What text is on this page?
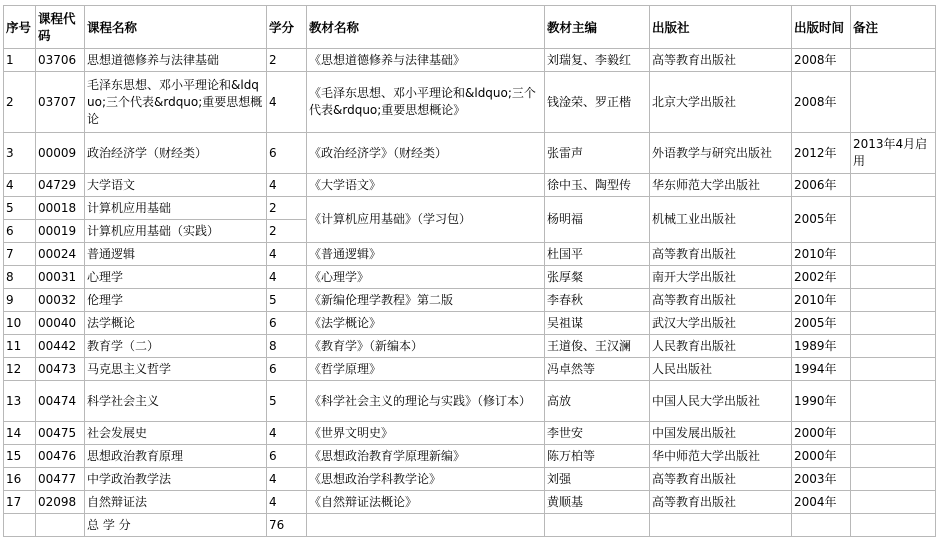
序号	课程代码	课程名称	学分	教材名称	教材主编	出版社	出版时间	备注
1	03706	思想道德修养与法律基础	2	《思想道德修养与法律基础》	刘瑞复、李毅红	高等教育出版社	2008年	
2	03707	毛泽东思想、邓小平理论和&ldquo;三个代表&rdquo;重要思想概论	4	《毛泽东思想、邓小平理论和&ldquo;三个代表&rdquo;重要思想概论》	钱淦荣、罗正楷	北京大学出版社	2008年	
3	00009	政治经济学（财经类）	6	《政治经济学》（财经类）	张雷声	外语教学与研究出版社	2012年	2013年4月启用
4	04729	大学语文	4	《大学语文》	徐中玉、陶型传	华东师范大学出版社	2006年	
5	00018	计算机应用基础	2	《计算机应用基础》（学习包）	杨明福	机械工业出版社	2005年	
6	00019	计算机应用基础（实践）	2					
7	00024	普通逻辑	4	《普通逻辑》	杜国平	高等教育出版社	2010年	
8	00031	心理学	4	《心理学》	张厚粲	南开大学出版社	2002年	
9	00032	伦理学	5	《新编伦理学教程》第二版	李春秋	高等教育出版社	2010年	
10	00040	法学概论	6	《法学概论》	吴祖谋	武汉大学出版社	2005年	
11	00442	教育学（二）	8	《教育学》（新编本）	王道俊、王汉澜	人民教育出版社	1989年	
12	00473	马克思主义哲学	6	《哲学原理》	冯卓然等	人民出版社	1994年	
13	00474	科学社会主义	5	《科学社会主义的理论与实践》（修订本）	高放	中国人民大学出版社	1990年	
14	00475	社会发展史	4	《世界文明史》	李世安	中国发展出版社	2000年	
15	00476	思想政治教育原理	6	《思想政治教育学原理新编》	陈万柏等	华中师范大学出版社	2000年	
16	00477	中学政治教学法	4	《思想政治学科教学论》	刘强	高等教育出版社	2003年	
17	02098	自然辩证法	4	《自然辩证法概论》	黄顺基	高等教育出版社	2004年	
		总 学 分	76					
